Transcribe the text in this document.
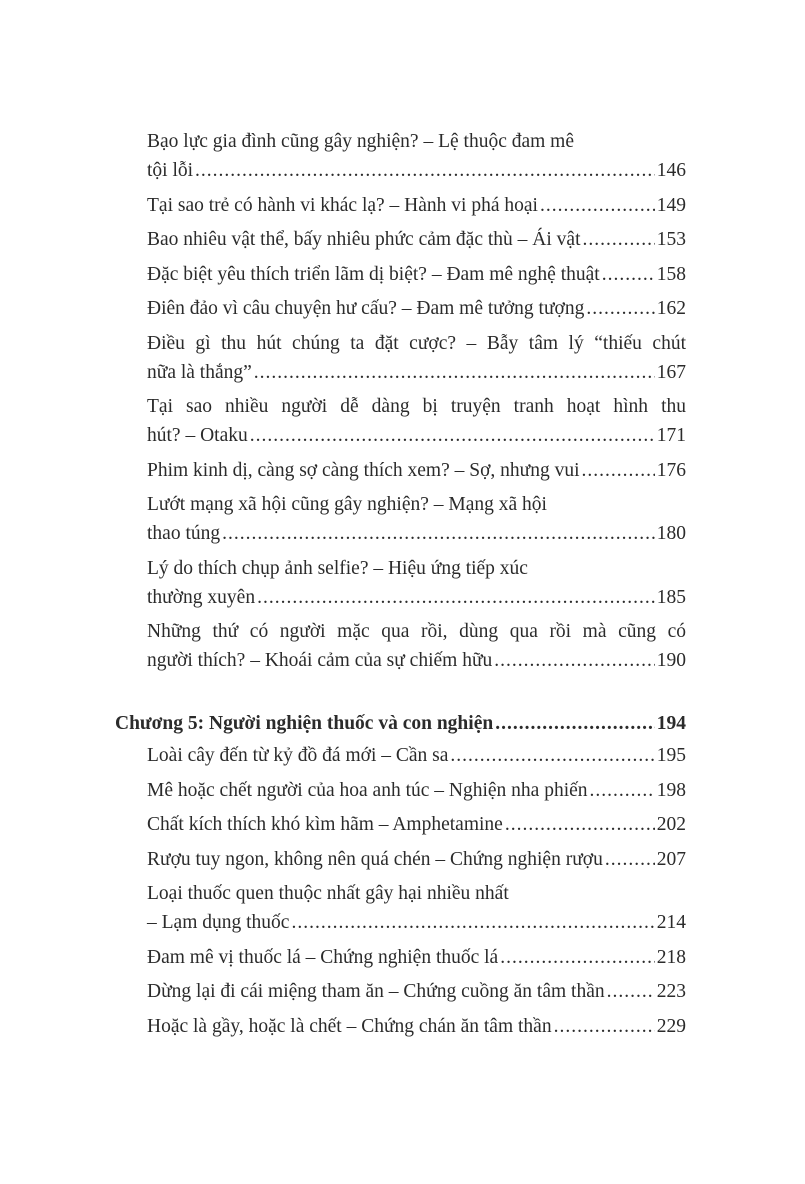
Bạo lực gia đình cũng gây nghiện? – Lệ thuộc đam mê
tội lỗi .....	146
Tại sao trẻ có hành vi khác lạ? – Hành vi phá hoại .....	149
Bao nhiêu vật thể, bấy nhiêu phức cảm đặc thù – Ái vật .....	153
Đặc biệt yêu thích triển lãm dị biệt? – Đam mê nghệ thuật .....	158
Điên đảo vì câu chuyện hư cấu? – Đam mê tưởng tượng .....	162
Điều gì thu hút chúng ta đặt cược? – Bẫy tâm lý “thiếu chút
nữa là thắng” .....	167
Tại sao nhiều người dễ dàng bị truyện tranh hoạt hình thu
hút? – Otaku .....	171
Phim kinh dị, càng sợ càng thích xem? – Sợ, nhưng vui .....	176
Lướt mạng xã hội cũng gây nghiện? – Mạng xã hội
thao túng .....	180
Lý do thích chụp ảnh selfie? – Hiệu ứng tiếp xúc
thường xuyên .....	185
Những thứ có người mặc qua rồi, dùng qua rồi mà cũng có
người thích? – Khoái cảm của sự chiếm hữu .....	190
Chương 5: Người nghiện thuốc và con nghiện .....	194
Loài cây đến từ kỷ đồ đá mới – Cần sa .....	195
Mê hoặc chết người của hoa anh túc – Nghiện nha phiến .....	198
Chất kích thích khó kìm hãm – Amphetamine .....	202
Rượu tuy ngon, không nên quá chén – Chứng nghiện rượu .....	207
Loại thuốc quen thuộc nhất gây hại nhiều nhất
– Lạm dụng thuốc .....	214
Đam mê vị thuốc lá – Chứng nghiện thuốc lá .....	218
Dừng lại đi cái miệng tham ăn – Chứng cuồng ăn tâm thần .....	223
Hoặc là gầy, hoặc là chết – Chứng chán ăn tâm thần .....	229
